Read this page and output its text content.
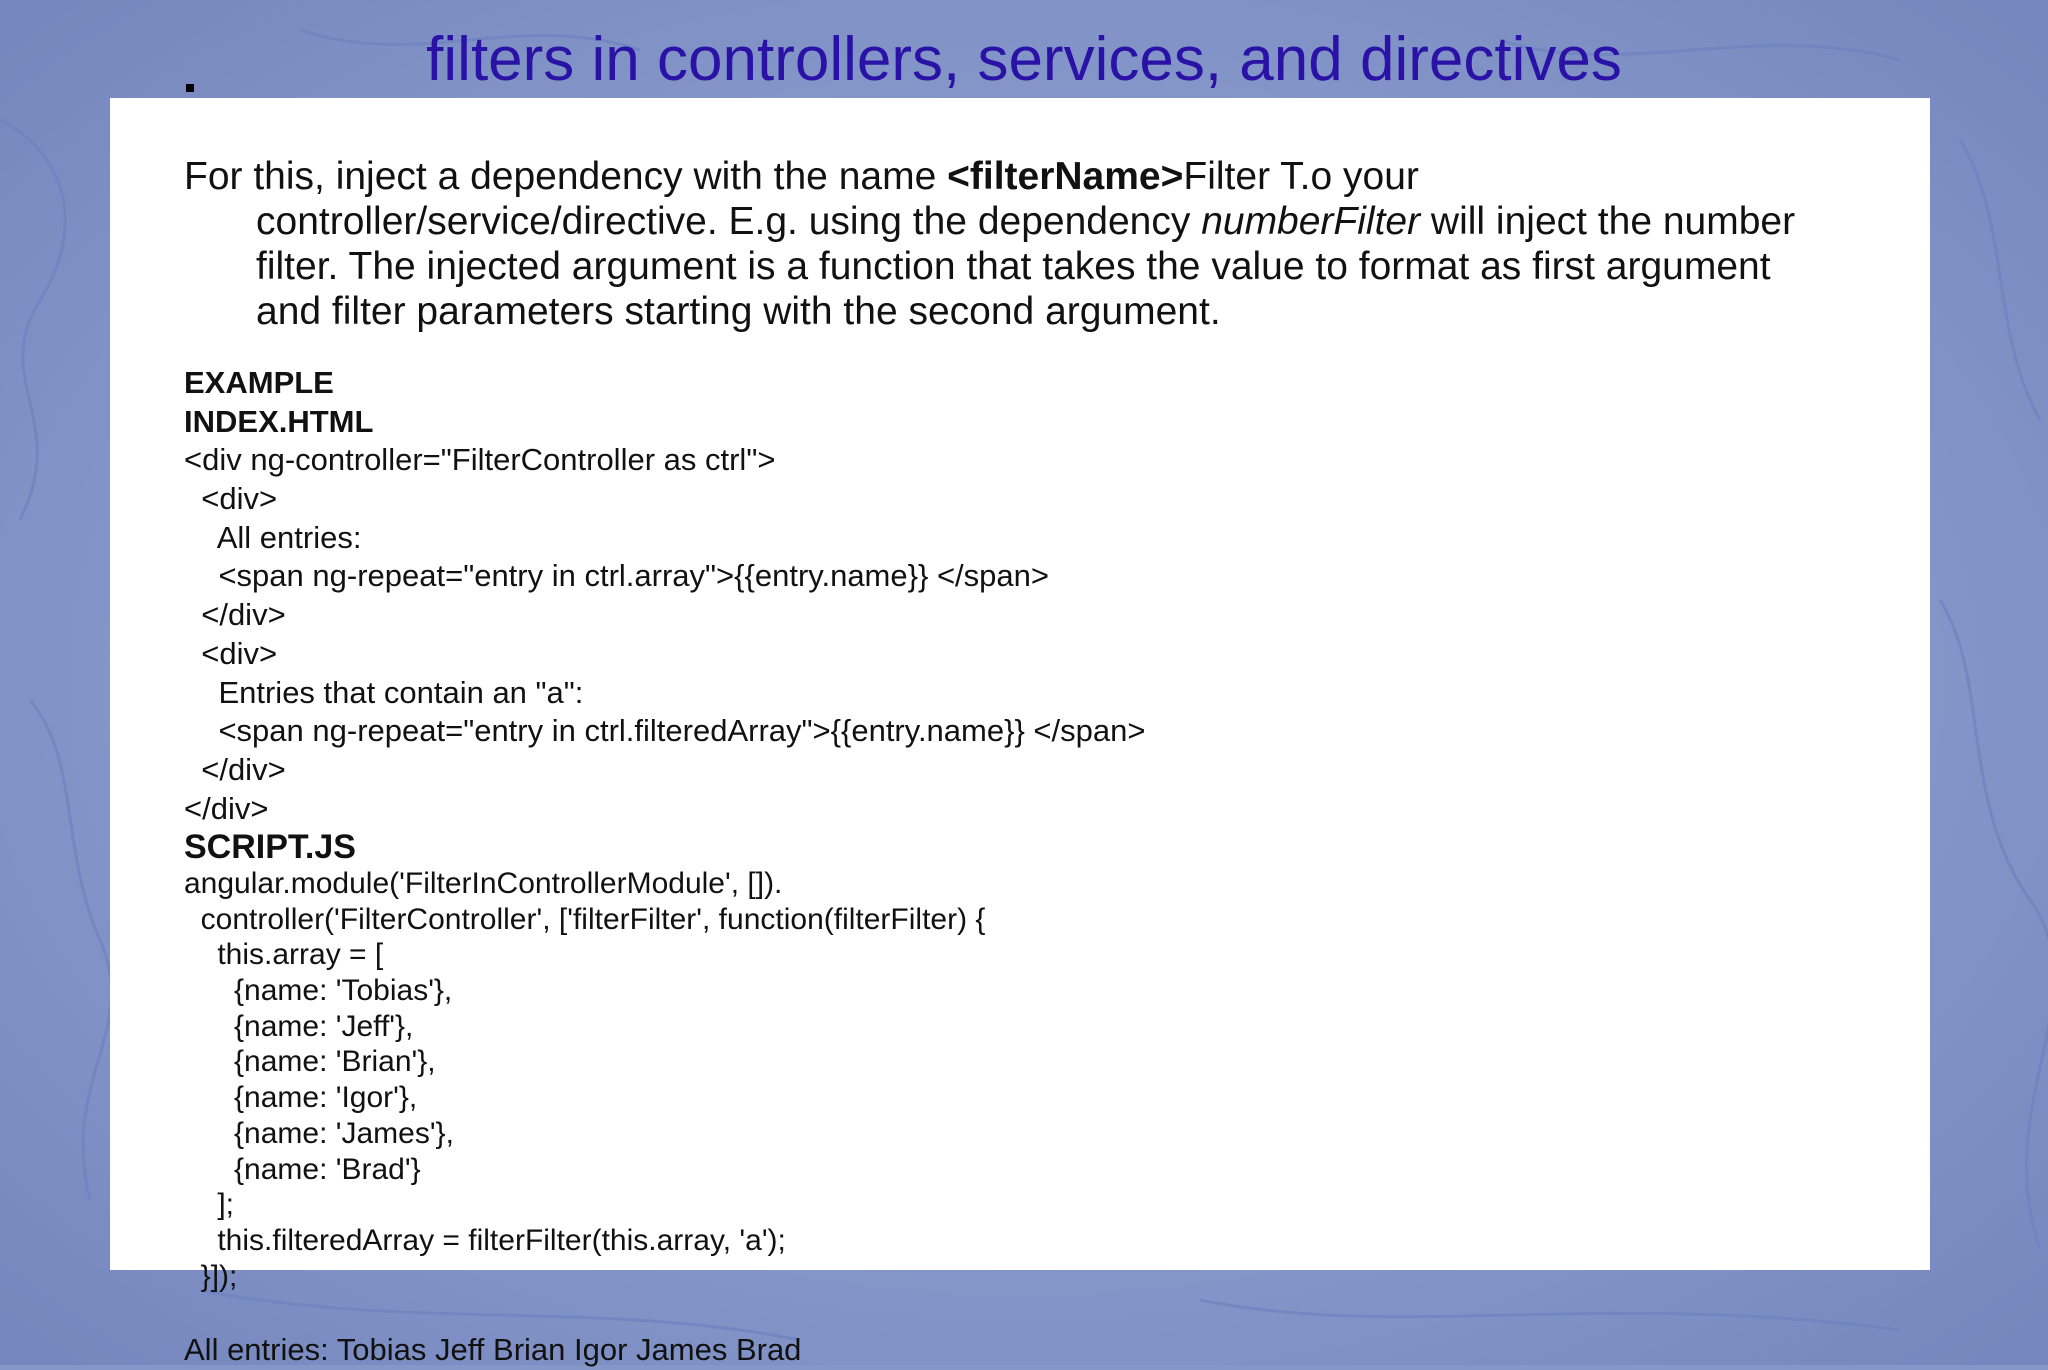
filters in controllers, services, and directives
For this, inject a dependency with the name <filterName>Filter T.o your
controller/service/directive. E.g. using the dependency numberFilter will inject the number
filter. The injected argument is a function that takes the value to format as first argument
and filter parameters starting with the second argument.
EXAMPLE
INDEX.HTML
<div ng-controller="FilterController as ctrl">
<div>
All entries:
<span ng-repeat="entry in ctrl.array">{{entry.name}} </span>
</div>
<div>
Entries that contain an "a":
<span ng-repeat="entry in ctrl.filteredArray">{{entry.name}} </span>
</div>
</div>
SCRIPT.JS
angular.module('FilterInControllerModule', []).
controller('FilterController', ['filterFilter', function(filterFilter) {
this.array = [
{name: 'Tobias'},
{name: 'Jeff'},
{name: 'Brian'},
{name: 'Igor'},
{name: 'James'},
{name: 'Brad'}
];
this.filteredArray = filterFilter(this.array, 'a');
}]);
All entries: Tobias Jeff Brian Igor James Brad
